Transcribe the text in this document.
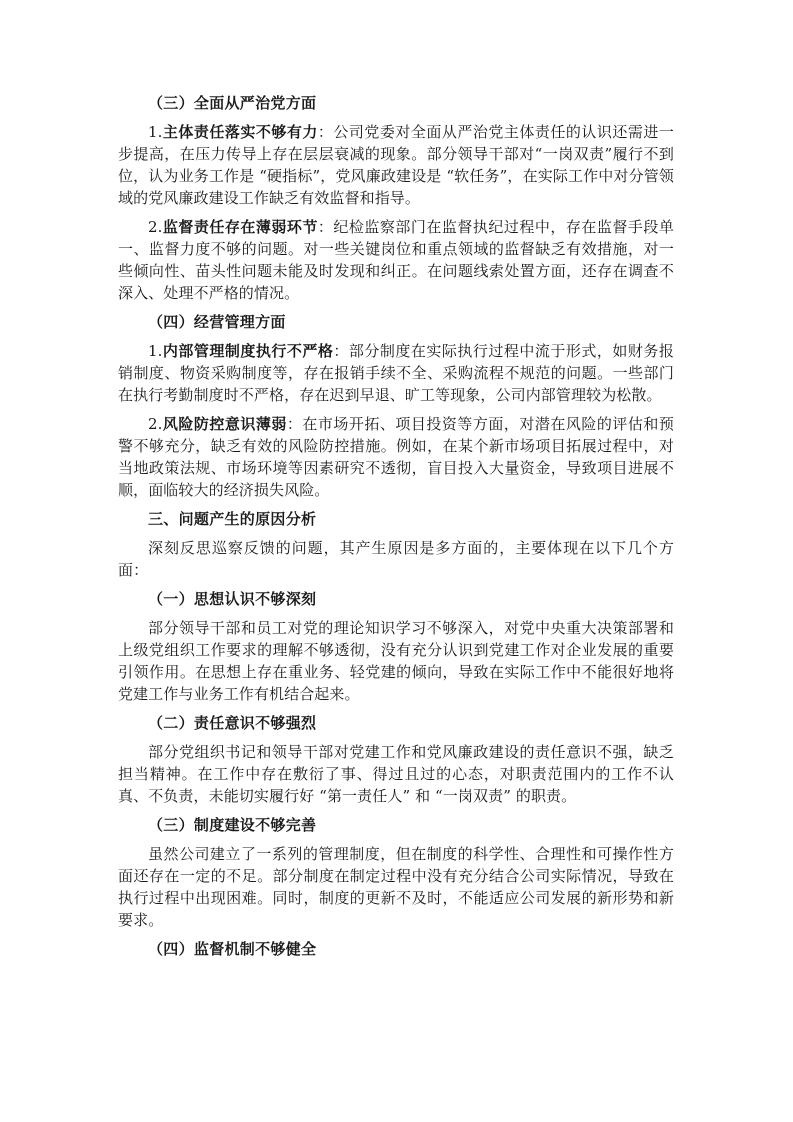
（三）全面从严治党方面

1.主体责任落实不够有力：公司党委对全面从严治党主体责任的认识还需进一步提高，在压力传导上存在层层衰减的现象。部分领导干部对“一岗双责”履行不到位，认为业务工作是 “硬指标”，党风廉政建设是 “软任务”，在实际工作中对分管领域的党风廉政建设工作缺乏有效监督和指导。

2.监督责任存在薄弱环节：纪检监察部门在监督执纪过程中，存在监督手段单一、监督力度不够的问题。对一些关键岗位和重点领域的监督缺乏有效措施，对一些倾向性、苗头性问题未能及时发现和纠正。在问题线索处置方面，还存在调查不深入、处理不严格的情况。

（四）经营管理方面

1.内部管理制度执行不严格：部分制度在实际执行过程中流于形式，如财务报销制度、物资采购制度等，存在报销手续不全、采购流程不规范的问题。一些部门在执行考勤制度时不严格，存在迟到早退、旷工等现象，公司内部管理较为松散。

2.风险防控意识薄弱：在市场开拓、项目投资等方面，对潜在风险的评估和预警不够充分，缺乏有效的风险防控措施。例如，在某个新市场项目拓展过程中，对当地政策法规、市场环境等因素研究不透彻，盲目投入大量资金，导致项目进展不顺，面临较大的经济损失风险。

三、问题产生的原因分析

深刻反思巡察反馈的问题，其产生原因是多方面的，主要体现在以下几个方面：

（一）思想认识不够深刻

部分领导干部和员工对党的理论知识学习不够深入，对党中央重大决策部署和上级党组织工作要求的理解不够透彻，没有充分认识到党建工作对企业发展的重要引领作用。在思想上存在重业务、轻党建的倾向，导致在实际工作中不能很好地将党建工作与业务工作有机结合起来。

（二）责任意识不够强烈

部分党组织书记和领导干部对党建工作和党风廉政建设的责任意识不强，缺乏担当精神。在工作中存在敷衍了事、得过且过的心态，对职责范围内的工作不认真、不负责，未能切实履行好 “第一责任人” 和 “一岗双责” 的职责。

（三）制度建设不够完善

虽然公司建立了一系列的管理制度，但在制度的科学性、合理性和可操作性方面还存在一定的不足。部分制度在制定过程中没有充分结合公司实际情况，导致在执行过程中出现困难。同时，制度的更新不及时，不能适应公司发展的新形势和新要求。

（四）监督机制不够健全
